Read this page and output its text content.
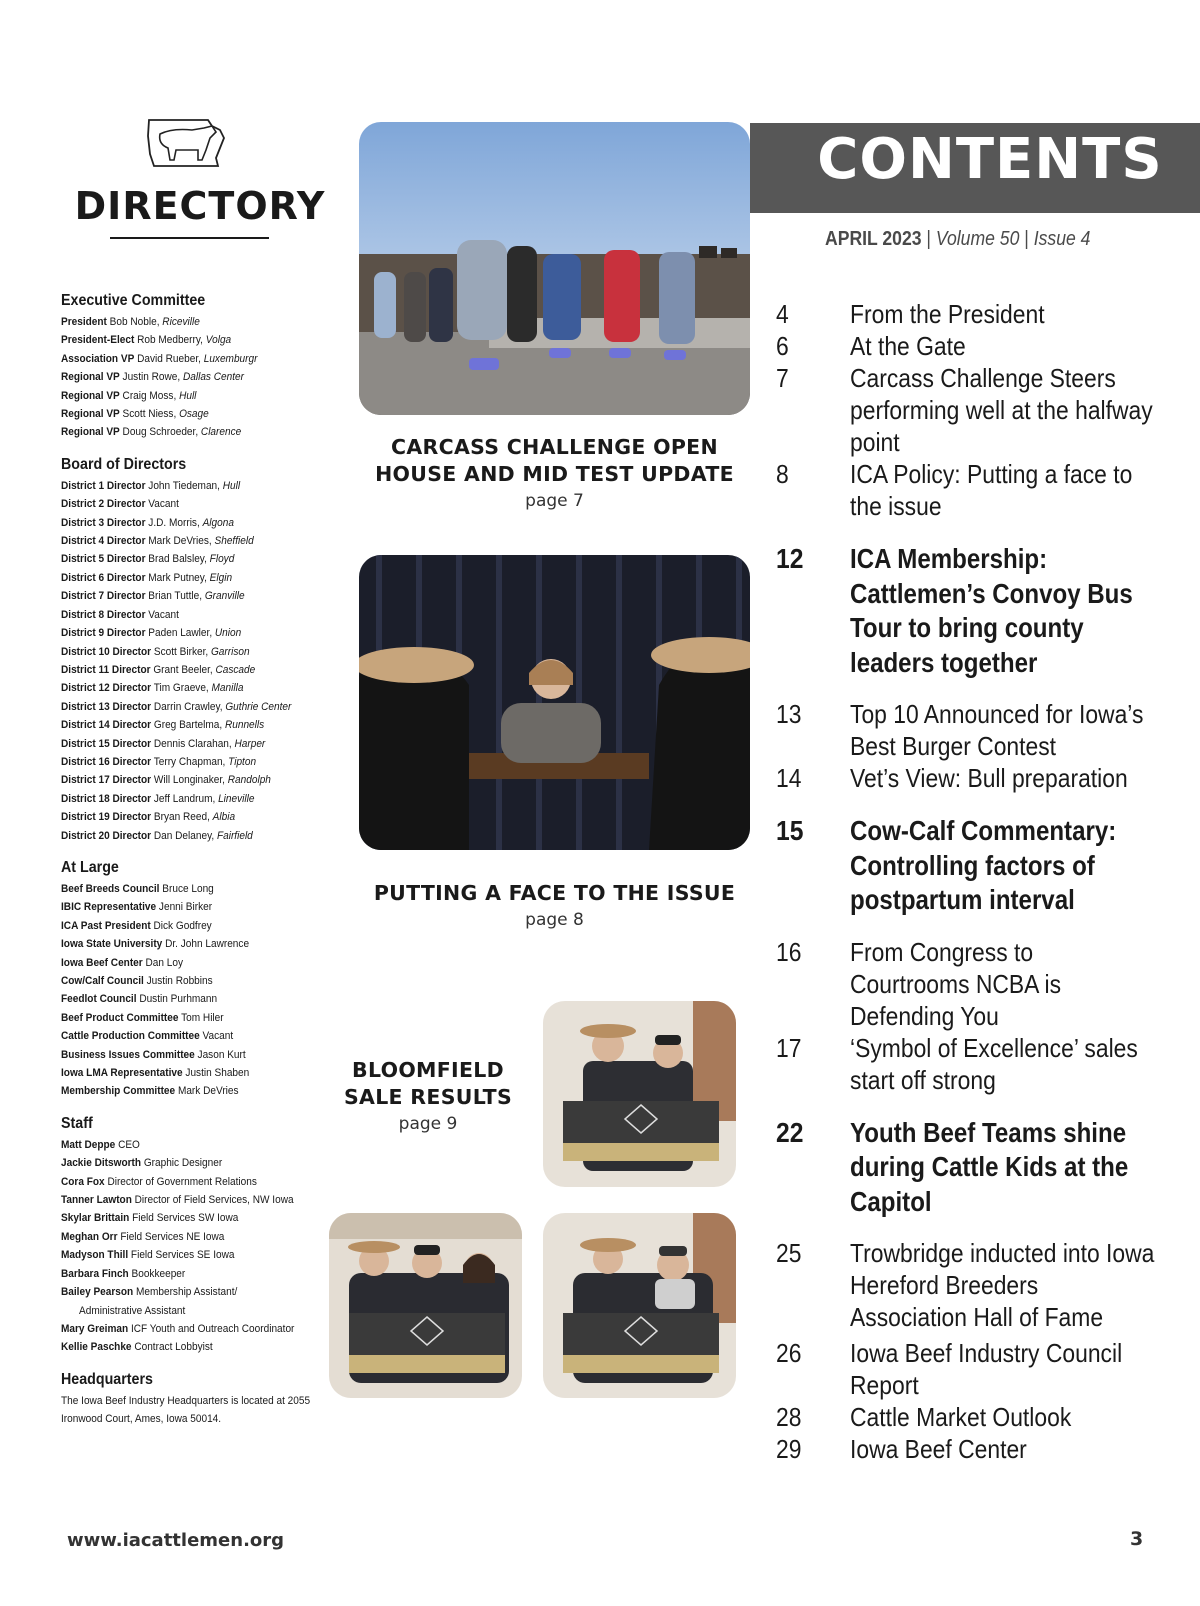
DIRECTORY
Executive Committee
President Bob Noble, Riceville
President-Elect Rob Medberry, Volga
Association VP David Rueber, Luxemburgr
Regional VP Justin Rowe, Dallas Center
Regional VP Craig Moss, Hull
Regional VP Scott Niess, Osage
Regional VP Doug Schroeder, Clarence
Board of Directors
District 1 Director John Tiedeman, Hull
District 2 Director Vacant
District 3 Director J.D. Morris, Algona
District 4 Director Mark DeVries, Sheffield
District 5 Director Brad Balsley, Floyd
District 6 Director Mark Putney, Elgin
District 7 Director Brian Tuttle, Granville
District 8 Director Vacant
District 9 Director Paden Lawler, Union
District 10 Director Scott Birker, Garrison
District 11 Director Grant Beeler, Cascade
District 12 Director Tim Graeve, Manilla
District 13 Director Darrin Crawley, Guthrie Center
District 14 Director Greg Bartelma, Runnells
District 15 Director Dennis Clarahan, Harper
District 16 Director Terry Chapman, Tipton
District 17 Director Will Longinaker, Randolph
District 18 Director Jeff Landrum, Lineville
District 19 Director Bryan Reed, Albia
District 20 Director Dan Delaney, Fairfield
At Large
Beef Breeds Council Bruce Long
IBIC Representative Jenni Birker
ICA Past President Dick Godfrey
Iowa State University Dr. John Lawrence
Iowa Beef Center Dan Loy
Cow/Calf Council Justin Robbins
Feedlot Council Dustin Purhmann
Beef Product Committee Tom Hiler
Cattle Production Committee Vacant
Business Issues Committee Jason Kurt
Iowa LMA Representative Justin Shaben
Membership Committee Mark DeVries
Staff
Matt Deppe CEO
Jackie Ditsworth Graphic Designer
Cora Fox Director of Government Relations
Tanner Lawton Director of Field Services, NW Iowa
Skylar Brittain Field Services SW Iowa
Meghan Orr Field Services NE Iowa
Madyson Thill Field Services SE Iowa
Barbara Finch Bookkeeper
Bailey Pearson Membership Assistant/
Administrative Assistant
Mary Greiman ICF Youth and Outreach Coordinator
Kellie Paschke Contract Lobbyist
Headquarters
The Iowa Beef Industry Headquarters is located at 2055 Ironwood Court, Ames, Iowa 50014.
CARCASS CHALLENGE OPEN HOUSE AND MID TEST UPDATE
page 7
PUTTING A FACE TO THE ISSUE
page 8
BLOOMFIELD SALE RESULTS
page 9
CONTENTS
APRIL 2023 | Volume 50 | Issue 4
4	From the President
6	At the Gate
7	Carcass Challenge Steers performing well at the halfway point
8	ICA Policy: Putting a face to the issue
12	ICA Membership: Cattlemen’s Convoy Bus Tour to bring county leaders together
13	Top 10 Announced for Iowa’s Best Burger Contest
14	Vet’s View: Bull preparation
15	Cow-Calf Commentary: Controlling factors of postpartum interval
16	From Congress to Courtrooms NCBA is Defending You
17	‘Symbol of Excellence’ sales start off strong
22	Youth Beef Teams shine during Cattle Kids at the Capitol
25	Trowbridge inducted into Iowa Hereford Breeders Association Hall of Fame
26	Iowa Beef Industry Council Report
28	Cattle Market Outlook
29	Iowa Beef Center
www.iacattlemen.org	3
